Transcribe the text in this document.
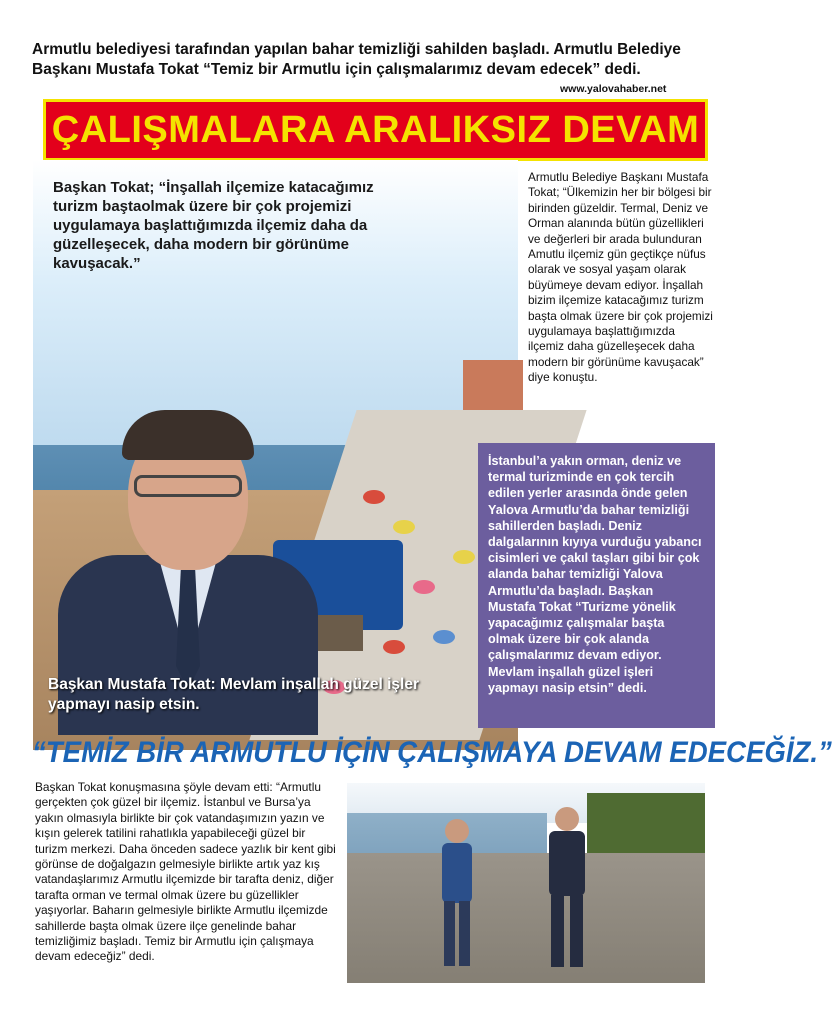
Armutlu belediyesi tarafından yapılan bahar temizliği sahilden başladı. Armutlu Belediye Başkanı Mustafa Tokat “Temiz bir Armutlu için çalışmalarımız devam edecek” dedi.
www.yalovahaber.net
ÇALIŞMALARA ARALIKSIZ DEVAM
Başkan Tokat; “İnşallah ilçemize katacağımız turizm baştaolmak üzere bir çok projemizi uygulamaya başlattığımızda ilçemiz daha da güzelleşecek, daha modern bir görünüme kavuşacak.”
Başkan Mustafa Tokat: Mevlam inşallah güzel işler yapmayı nasip etsin.
Armutlu Belediye Başkanı Mustafa Tokat; “Ülkemizin her bir bölgesi bir birinden güzeldir. Termal, Deniz ve Orman alanında bütün güzellikleri ve değerleri bir arada bulunduran Amutlu ilçemiz gün geçtikçe nüfus olarak ve sosyal yaşam olarak büyümeye devam ediyor. İnşallah bizim ilçemize katacağımız turizm başta olmak üzere bir çok projemizi uygulamaya başlattığımızda ilçemiz daha güzelleşecek daha modern bir görünüme kavuşacak” diye konuştu.
İstanbul’a yakın orman, deniz ve termal turizminde en çok tercih edilen yerler arasında önde gelen Yalova Armutlu’da bahar temizliği sahillerden başladı. Deniz dalgalarının kıyıya vurduğu yabancı cisimleri ve çakıl taşları gibi bir çok alanda bahar temizliği Yalova Armutlu’da başladı. Başkan Mustafa Tokat “Turizme yönelik yapacağımız çalışmalar başta olmak üzere bir çok alanda çalışmalarımız devam ediyor. Mevlam inşallah güzel işleri yapmayı nasip etsin” dedi.
“TEMİZ BİR ARMUTLU İÇİN ÇALIŞMAYA DEVAM EDECEĞİZ.”
Başkan Tokat konuşmasına şöyle devam etti: “Armutlu gerçekten çok güzel bir ilçemiz. İstanbul ve Bursa’ya yakın olmasıyla birlikte bir çok vatandaşımızın yazın ve kışın gelerek tatilini rahatlıkla yapabileceği güzel bir turizm merkezi. Daha önceden sadece yazlık bir kent gibi görünse de doğalgazın gelmesiyle birlikte artık yaz kış vatandaşlarımız Armutlu ilçemizde bir tarafta deniz, diğer tarafta orman ve termal olmak üzere bu güzellikler yaşıyorlar. Baharın gelmesiyle birlikte Armutlu ilçemizde sahillerde başta olmak üzere ilçe genelinde bahar temizliğimiz başladı. Temiz bir Armutlu için çalışmaya devam edeceğiz” dedi.
